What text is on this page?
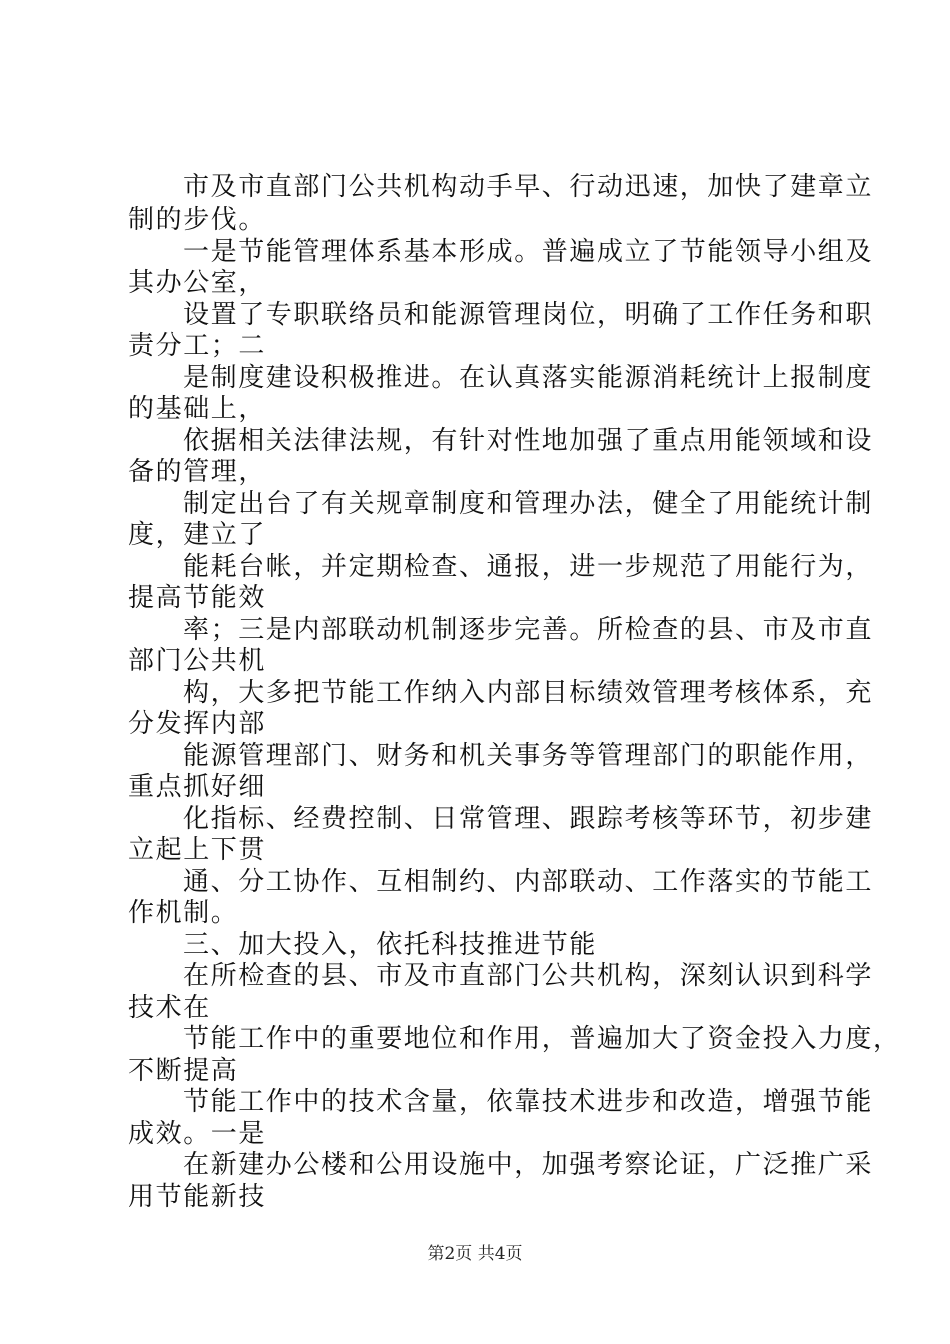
市及市直部门公共机构动手早、行动迅速，加快了建章立
制的步伐。
一是节能管理体系基本形成。普遍成立了节能领导小组及
其办公室，
设置了专职联络员和能源管理岗位，明确了工作任务和职
责分工；二
是制度建设积极推进。在认真落实能源消耗统计上报制度
的基础上，
依据相关法律法规，有针对性地加强了重点用能领域和设
备的管理，
制定出台了有关规章制度和管理办法，健全了用能统计制
度，建立了
能耗台帐，并定期检查、通报，进一步规范了用能行为，
提高节能效
率；三是内部联动机制逐步完善。所检查的县、市及市直
部门公共机
构，大多把节能工作纳入内部目标绩效管理考核体系，充
分发挥内部
能源管理部门、财务和机关事务等管理部门的职能作用，
重点抓好细
化指标、经费控制、日常管理、跟踪考核等环节，初步建
立起上下贯
通、分工协作、互相制约、内部联动、工作落实的节能工
作机制。
三、加大投入，依托科技推进节能
在所检查的县、市及市直部门公共机构，深刻认识到科学
技术在
节能工作中的重要地位和作用，普遍加大了资金投入力度，
不断提高
节能工作中的技术含量，依靠技术进步和改造，增强节能
成效。一是
在新建办公楼和公用设施中，加强考察论证，广泛推广采
用节能新技
第2页 共4页
